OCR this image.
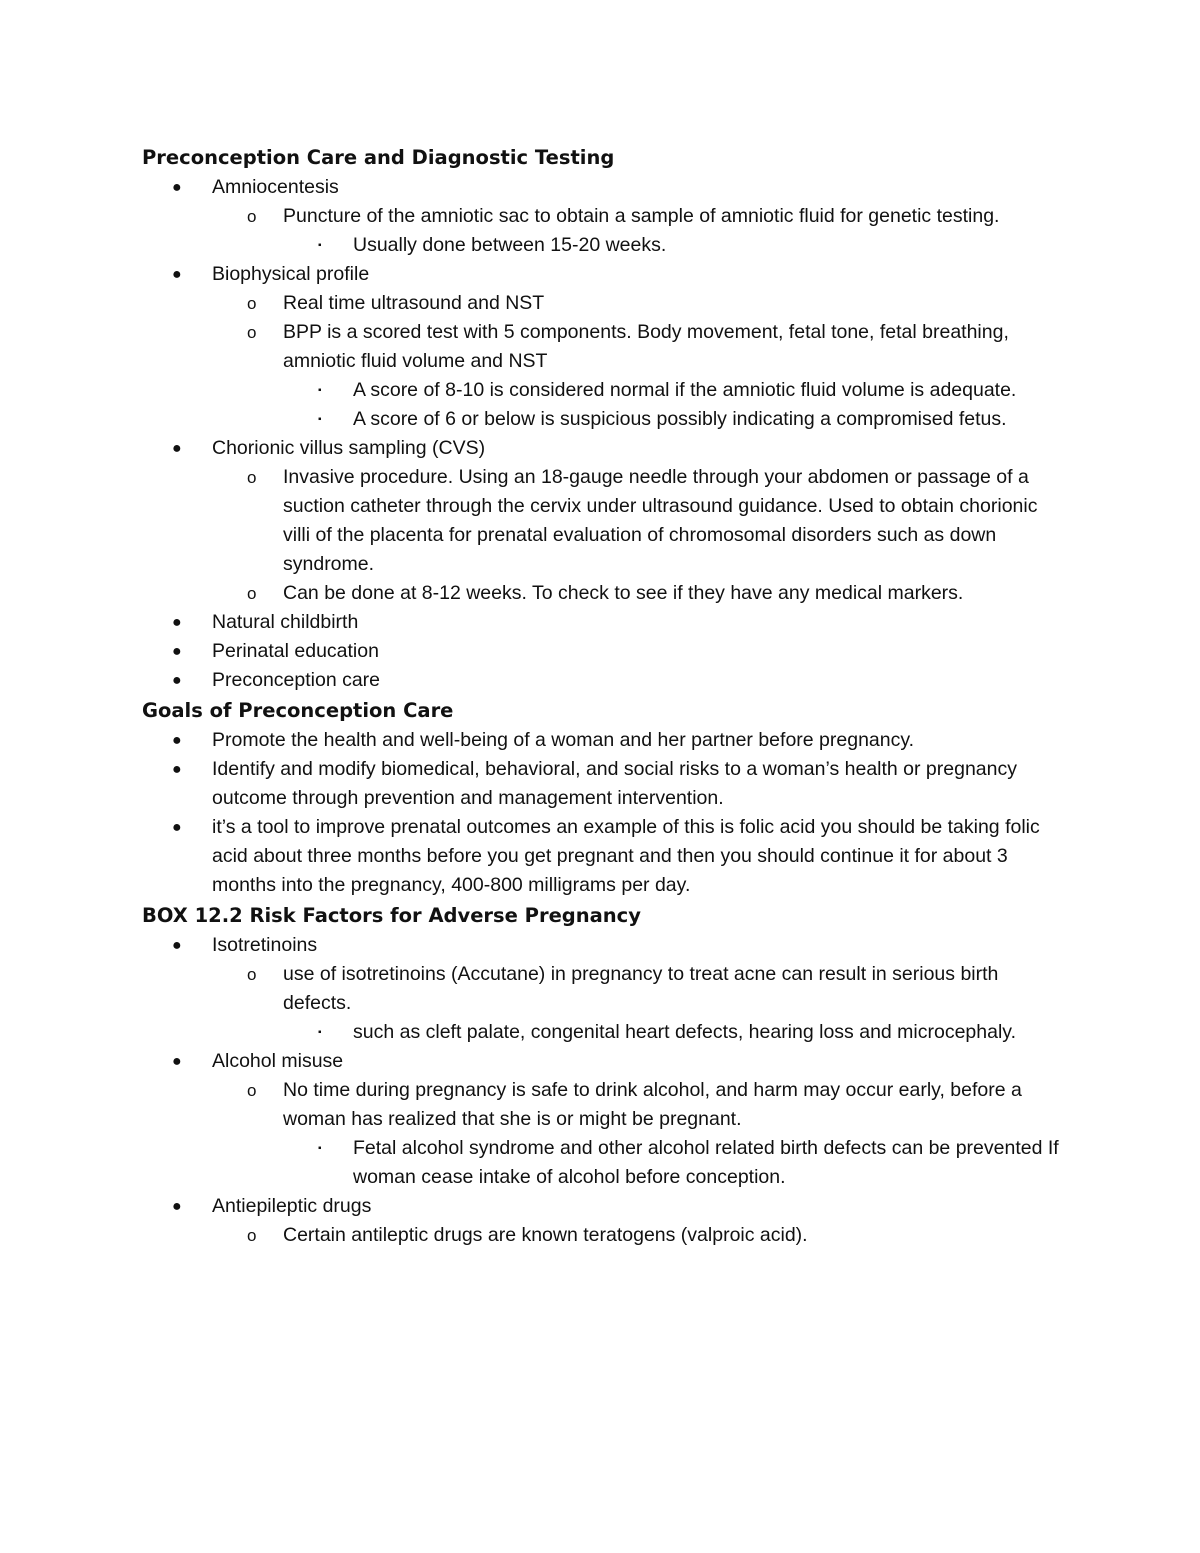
Preconception Care and Diagnostic Testing
● Amniocentesis
o Puncture of the amniotic sac to obtain a sample of amniotic fluid for genetic testing.
▪ Usually done between 15-20 weeks.
● Biophysical profile
o Real time ultrasound and NST
o BPP is a scored test with 5 components. Body movement, fetal tone, fetal breathing, amniotic fluid volume and NST
▪ A score of 8-10 is considered normal if the amniotic fluid volume is adequate.
▪ A score of 6 or below is suspicious possibly indicating a compromised fetus.
● Chorionic villus sampling (CVS)
o Invasive procedure. Using an 18-gauge needle through your abdomen or passage of a suction catheter through the cervix under ultrasound guidance. Used to obtain chorionic villi of the placenta for prenatal evaluation of chromosomal disorders such as down syndrome.
o Can be done at 8-12 weeks. To check to see if they have any medical markers.
● Natural childbirth
● Perinatal education
● Preconception care
Goals of Preconception Care
● Promote the health and well-being of a woman and her partner before pregnancy.
● Identify and modify biomedical, behavioral, and social risks to a woman’s health or pregnancy outcome through prevention and management intervention.
● it’s a tool to improve prenatal outcomes an example of this is folic acid you should be taking folic acid about three months before you get pregnant and then you should continue it for about 3 months into the pregnancy, 400-800 milligrams per day.
BOX 12.2 Risk Factors for Adverse Pregnancy
● Isotretinoins
o use of isotretinoins (Accutane) in pregnancy to treat acne can result in serious birth defects.
▪ such as cleft palate, congenital heart defects, hearing loss and microcephaly.
● Alcohol misuse
o No time during pregnancy is safe to drink alcohol, and harm may occur early, before a woman has realized that she is or might be pregnant.
▪ Fetal alcohol syndrome and other alcohol related birth defects can be prevented If woman cease intake of alcohol before conception.
● Antiepileptic drugs
o Certain antileptic drugs are known teratogens (valproic acid).
